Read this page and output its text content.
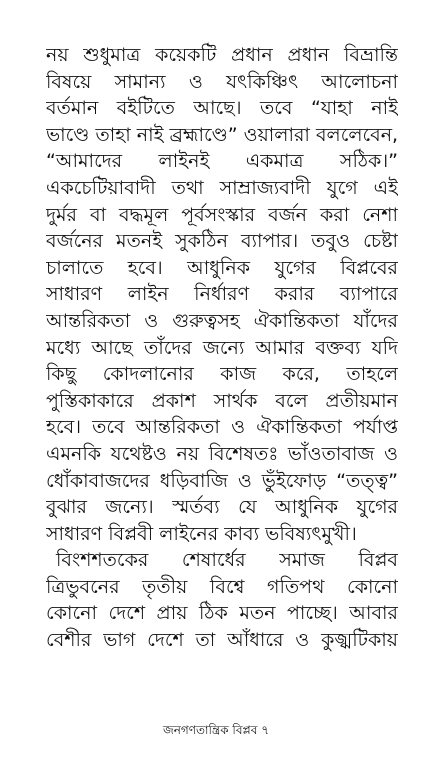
নয় শুধুমাত্র কয়েকটি প্রধান প্রধান বিভ্রান্তি
বিষয়ে সামান্য ও যৎকিঞ্চিৎ আলোচনা
বর্তমান বইটিতে আছে। তবে “যাহা নাই
ভাণ্ডে তাহা নাই ব্রহ্মাণ্ডে” ওয়ালারা বললেবেন,
“আমাদের লাইনই একমাত্র সঠিক।”
একচেটিয়াবাদী তথা সাম্রাজ্যবাদী যুগে এই
দুর্মর বা বদ্ধমূল পূর্বসংস্কার বর্জন করা নেশা
বর্জনের মতনই সুকঠিন ব্যাপার। তবুও চেষ্টা
চালাতে হবে। আধুনিক যুগের বিপ্লবের
সাধারণ লাইন নির্ধারণ করার ব্যাপারে
আন্তরিকতা ও গুরুত্বসহ ঐকান্তিকতা যাঁদের
মধ্যে আছে তাঁদের জন্যে আমার বক্তব্য যদি
কিছু কোদলানোর কাজ করে, তাহলে
পুস্তিকাকারে প্রকাশ সার্থক বলে প্রতীয়মান
হবে। তবে আন্তরিকতা ও ঐকান্তিকতা পর্যাপ্ত
এমনকি যথেষ্টও নয় বিশেষতঃ ভাঁওতাবাজ ও
ধোঁকাবাজদের ধড়িবাজি ও ভুঁইফোড় “তত্ত্ব”
বুঝার জন্যে। স্মর্তব্য যে আধুনিক যুগের
সাধারণ বিপ্লবী লাইনের কাব্য ভবিষ্যৎমুখী।
বিংশশতকের শেষার্ধের সমাজ বিপ্লব
ত্রিভুবনের তৃতীয় বিশ্বে গতিপথ কোনো
কোনো দেশে প্রায় ঠিক মতন পাচ্ছে। আবার
বেশীর ভাগ দেশে তা আঁধারে ও কুজ্ঝটিকায়
জনগণতান্ত্রিক বিপ্লব ৭
